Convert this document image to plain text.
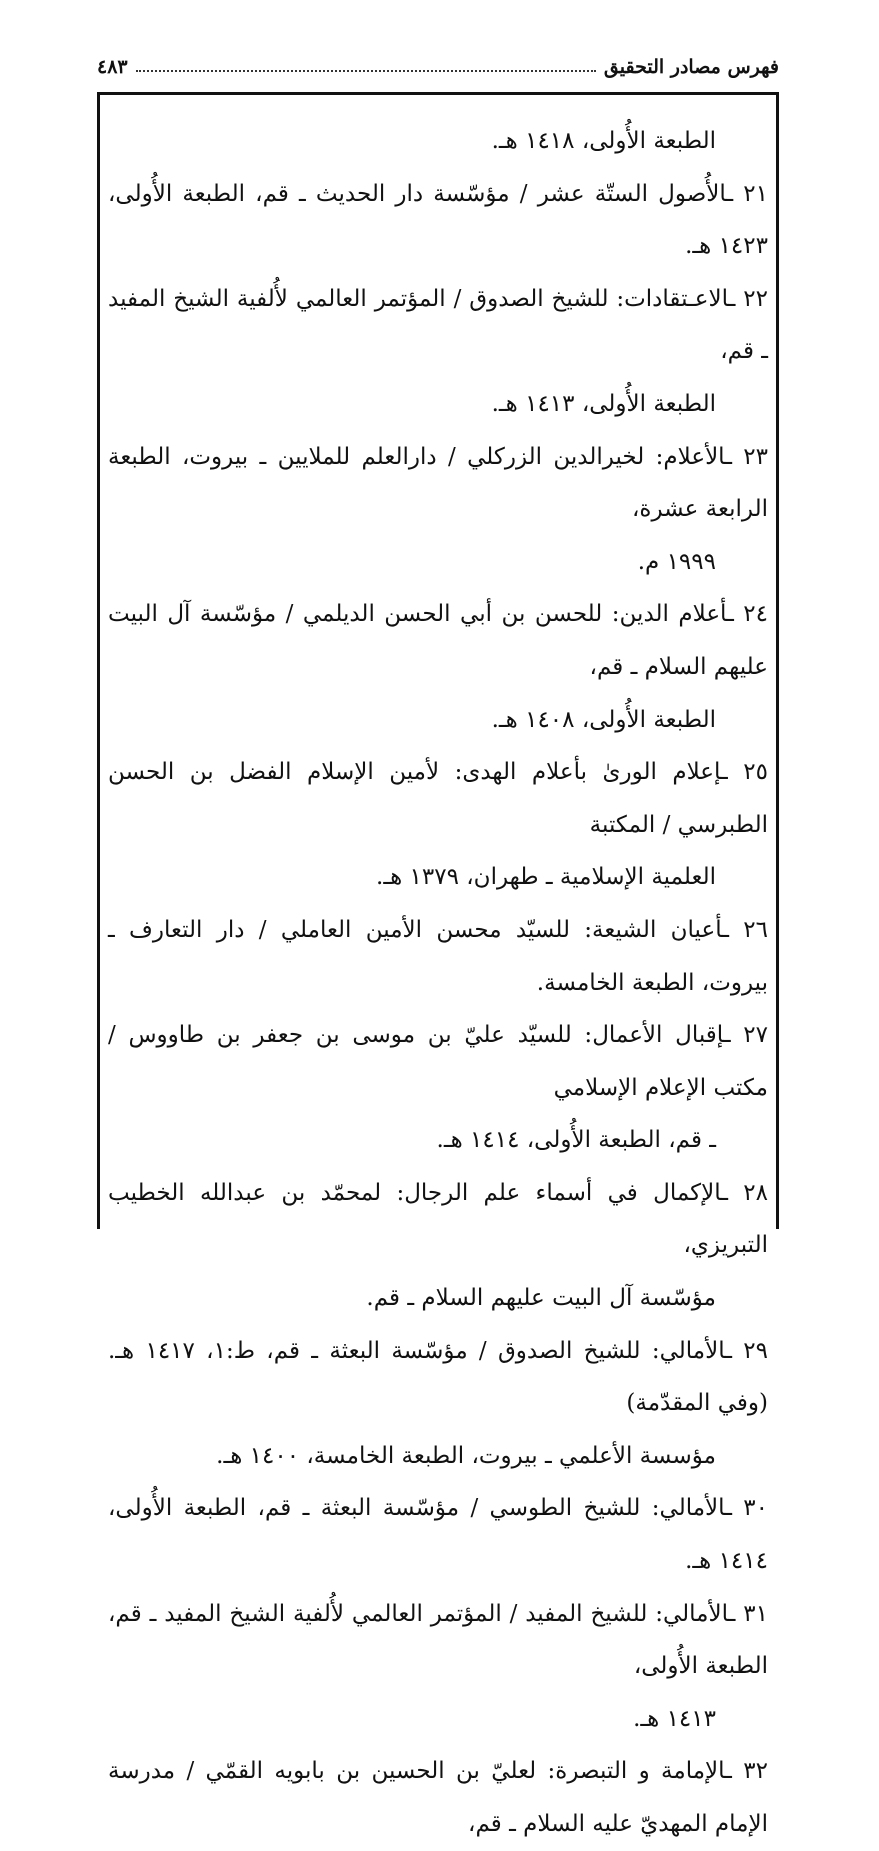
فهرس مصادر التحقيق
٤٨٣
الطبعة الأُولى، ١٤١٨ هـ.
٢١ ـالأُصول الستّة عشر / مؤسّسة دار الحديث ـ قم، الطبعة الأُولى، ١٤٢٣ هـ.
٢٢ ـالاعـتقادات: للشيخ الصدوق / المؤتمر العالمي لأُلفية الشيخ المفيد ـ قم،
الطبعة الأُولى، ١٤١٣ هـ.
٢٣ ـالأعلام: لخيرالدين الزركلي / دارالعلم للملايين ـ بيروت، الطبعة الرابعة عشرة،
١٩٩٩ م.
٢٤ ـأعلام الدين: للحسن بن أبي الحسن الديلمي / مؤسّسة آل البيت عليهم السلام ـ قم،
الطبعة الأُولى، ١٤٠٨ هـ.
٢٥ ـإعلام الورىٰ بأعلام الهدى: لأمين الإسلام الفضل بن الحسن الطبرسي / المكتبة
العلمية الإسلامية ـ طهران، ١٣٧٩ هـ.
٢٦ ـأعيان الشيعة: للسيّد محسن الأمين العاملي / دار التعارف ـ بيروت، الطبعة الخامسة.
٢٧ ـإقبال الأعمال: للسيّد عليّ بن موسى بن جعفر بن طاووس / مكتب الإعلام الإسلامي
ـ قم، الطبعة الأُولى، ١٤١٤ هـ.
٢٨ ـالإكمال في أسماء علم الرجال: لمحمّد بن عبدالله الخطيب التبريزي،
مؤسّسة آل البيت عليهم السلام ـ قم.
٢٩ ـالأمالي: للشيخ الصدوق / مؤسّسة البعثة ـ قم، ط:١، ١٤١٧ هـ. (وفي المقدّمة)
مؤسسة الأعلمي ـ بيروت، الطبعة الخامسة، ١٤٠٠ هـ.
٣٠ ـالأمالي: للشيخ الطوسي / مؤسّسة البعثة ـ قم، الطبعة الأُولى، ١٤١٤ هـ.
٣١ ـالأمالي: للشيخ المفيد / المؤتمر العالمي لأُلفية الشيخ المفيد ـ قم، الطبعة الأُولى،
١٤١٣ هـ.
٣٢ ـالإمامة و التبصرة: لعليّ بن الحسين بن بابويه القمّي / مدرسة الإمام المهديّ عليه السلام ـ قم،
